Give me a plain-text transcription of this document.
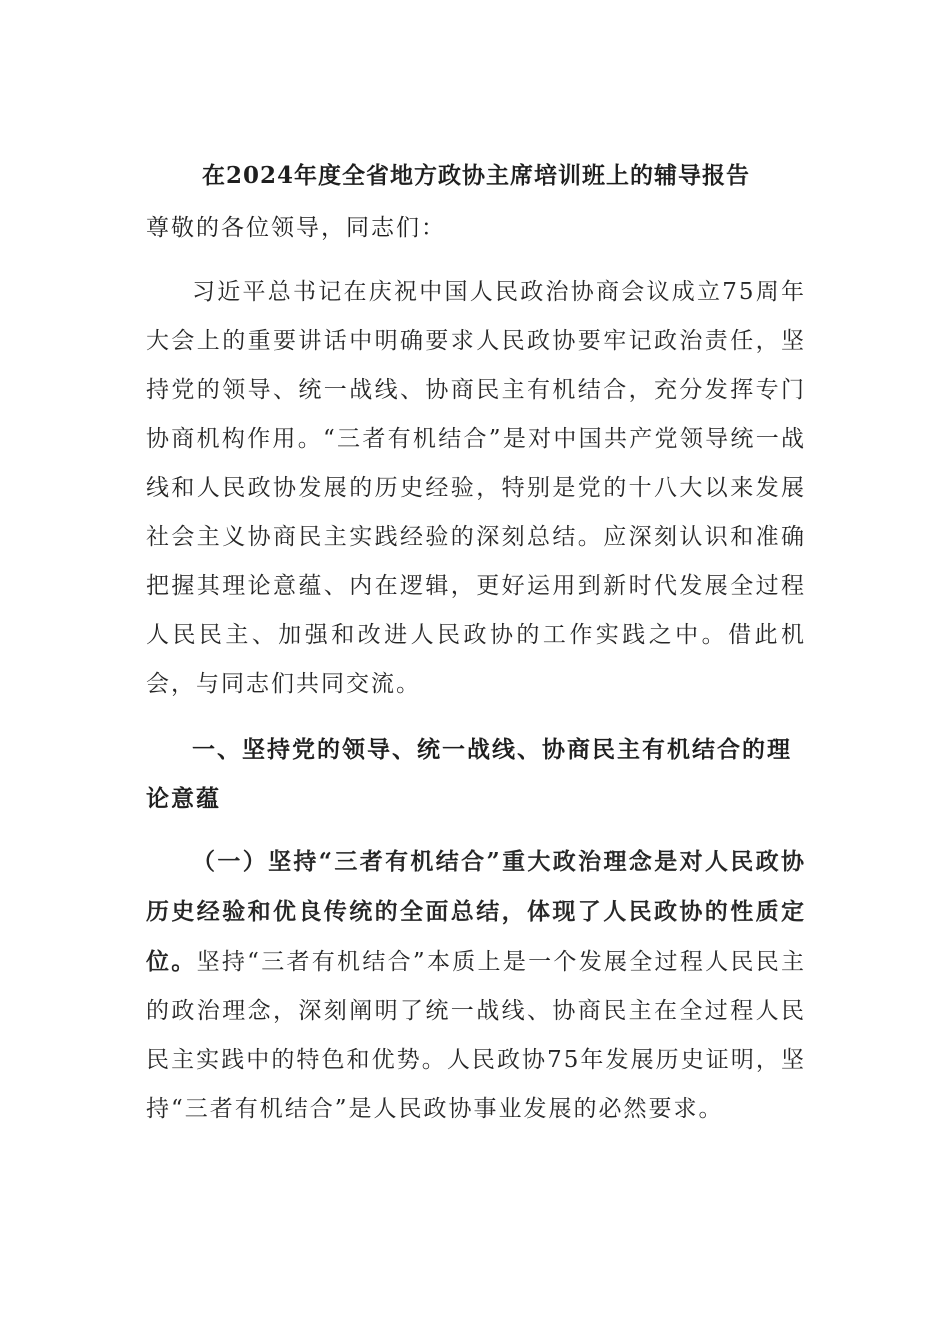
在2024年度全省地方政协主席培训班上的辅导报告
尊敬的各位领导，同志们：

习近平总书记在庆祝中国人民政治协商会议成立75周年大会上的重要讲话中明确要求人民政协要牢记政治责任，坚持党的领导、统一战线、协商民主有机结合，充分发挥专门协商机构作用。“三者有机结合”是对中国共产党领导统一战线和人民政协发展的历史经验，特别是党的十八大以来发展社会主义协商民主实践经验的深刻总结。应深刻认识和准确把握其理论意蕴、内在逻辑，更好运用到新时代发展全过程人民民主、加强和改进人民政协的工作实践之中。借此机会，与同志们共同交流。

一、坚持党的领导、统一战线、协商民主有机结合的理论意蕴

（一）坚持“三者有机结合”重大政治理念是对人民政协历史经验和优良传统的全面总结，体现了人民政协的性质定位。坚持“三者有机结合”本质上是一个发展全过程人民民主的政治理念，深刻阐明了统一战线、协商民主在全过程人民民主实践中的特色和优势。人民政协75年发展历史证明，坚持“三者有机结合”是人民政协事业发展的必然要求。
